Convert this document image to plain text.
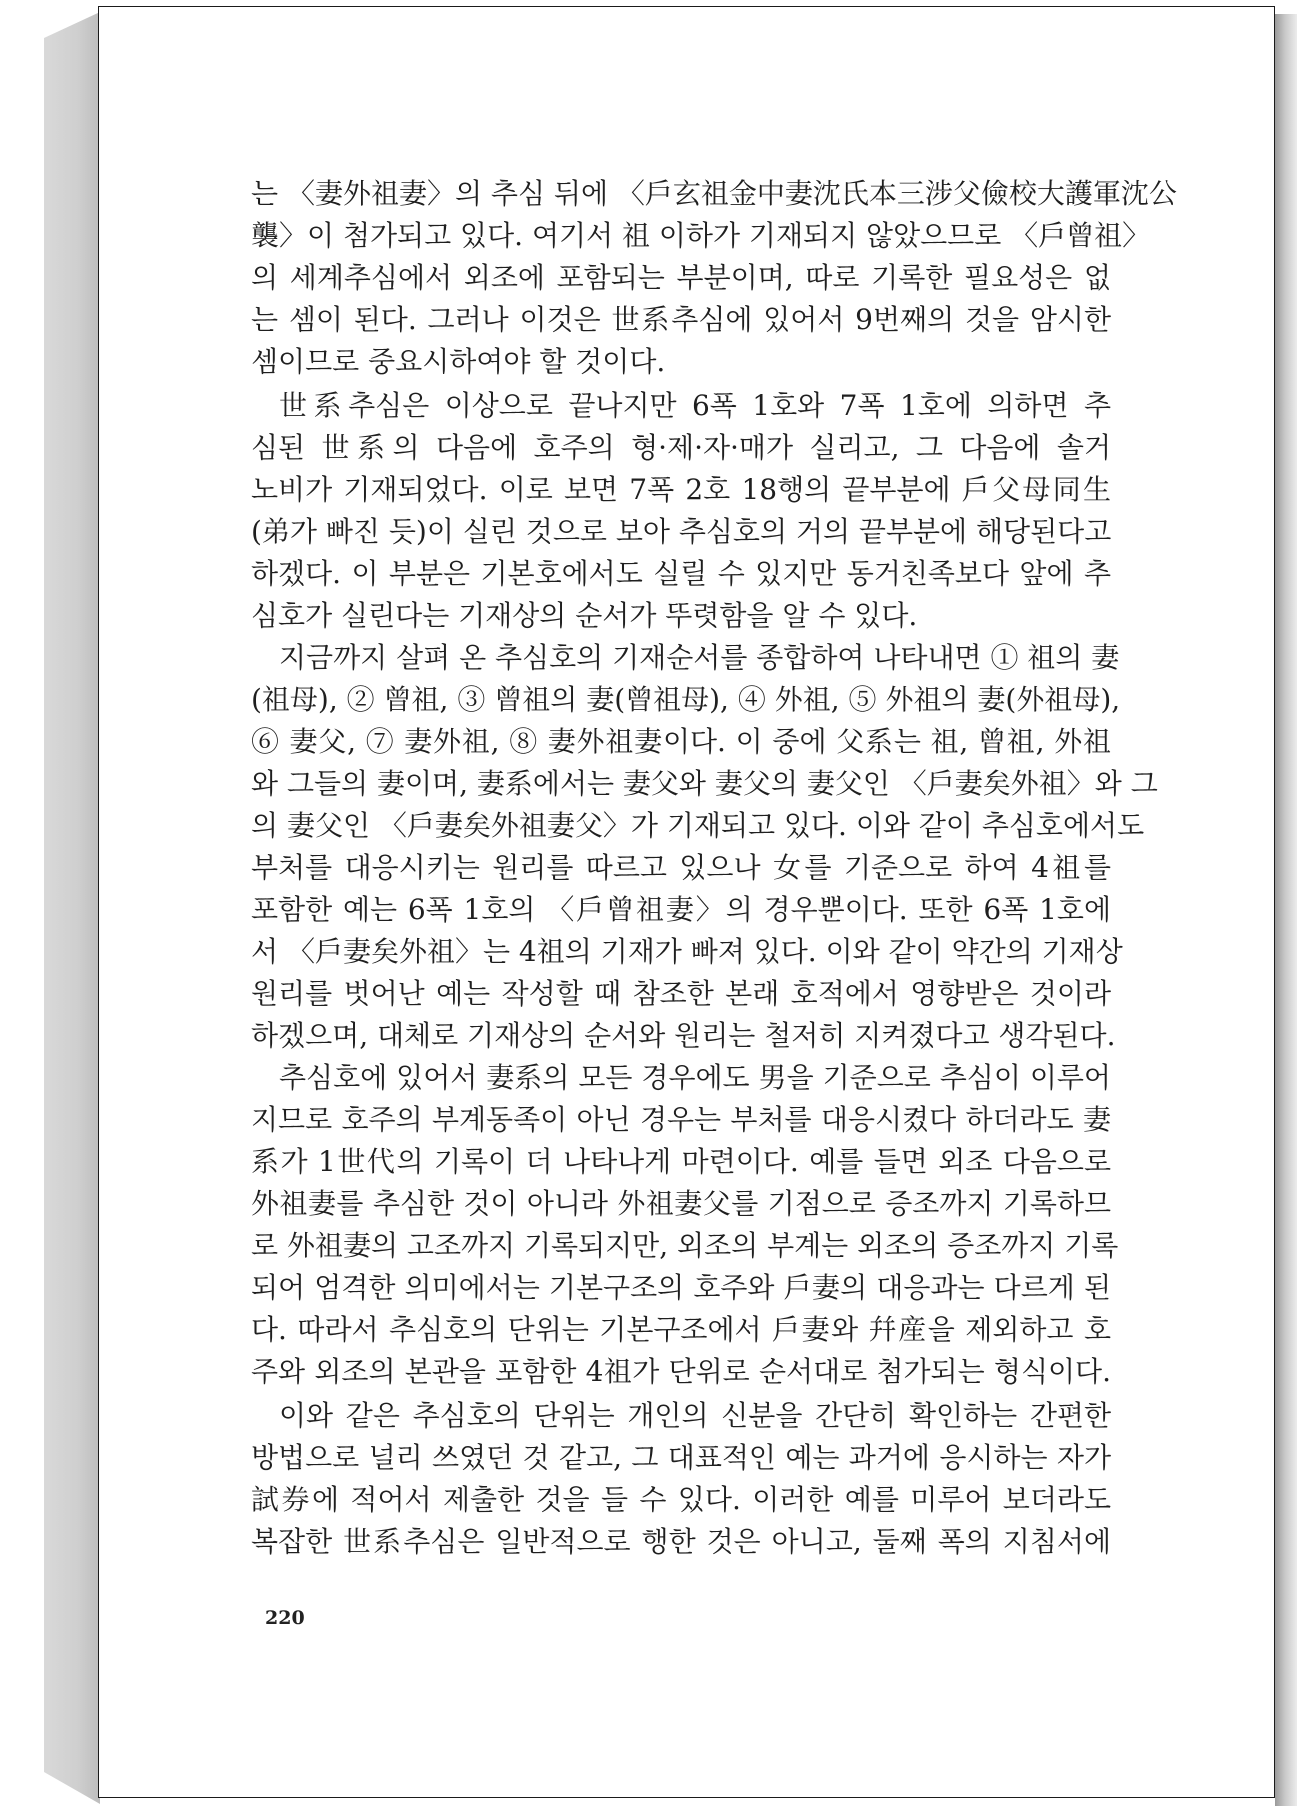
는 〈妻外祖妻〉의 추심 뒤에 〈戶玄祖金中妻沈氏本三涉父儉校大護軍沈公
襲〉이 첨가되고 있다. 여기서 祖 이하가 기재되지 않았으므로 〈戶曾祖〉
의 세계추심에서 외조에 포함되는 부분이며, 따로 기록한 필요성은 없
는 셈이 된다. 그러나 이것은 世系추심에 있어서 9번째의 것을 암시한
셈이므로 중요시하여야 할 것이다.
世系추심은 이상으로 끝나지만 6폭 1호와 7폭 1호에 의하면 추
심된 世系의 다음에 호주의 형·제·자·매가 실리고, 그 다음에 솔거
노비가 기재되었다. 이로 보면 7폭 2호 18행의 끝부분에 戶父母同生
(弟가 빠진 듯)이 실린 것으로 보아 추심호의 거의 끝부분에 해당된다고
하겠다. 이 부분은 기본호에서도 실릴 수 있지만 동거친족보다 앞에 추
심호가 실린다는 기재상의 순서가 뚜렷함을 알 수 있다.
지금까지 살펴 온 추심호의 기재순서를 종합하여 나타내면 ① 祖의 妻
(祖母), ② 曾祖, ③ 曾祖의 妻(曾祖母), ④ 外祖, ⑤ 外祖의 妻(外祖母),
⑥ 妻父, ⑦ 妻外祖, ⑧ 妻外祖妻이다. 이 중에 父系는 祖, 曾祖, 外祖
와 그들의 妻이며, 妻系에서는 妻父와 妻父의 妻父인 〈戶妻矣外祖〉와 그
의 妻父인 〈戶妻矣外祖妻父〉가 기재되고 있다. 이와 같이 추심호에서도
부처를 대응시키는 원리를 따르고 있으나 女를 기준으로 하여 4祖를
포함한 예는 6폭 1호의 〈戶曾祖妻〉의 경우뿐이다. 또한 6폭 1호에
서 〈戶妻矣外祖〉는 4祖의 기재가 빠져 있다. 이와 같이 약간의 기재상
원리를 벗어난 예는 작성할 때 참조한 본래 호적에서 영향받은 것이라
하겠으며, 대체로 기재상의 순서와 원리는 철저히 지켜졌다고 생각된다.
추심호에 있어서 妻系의 모든 경우에도 男을 기준으로 추심이 이루어
지므로 호주의 부계동족이 아닌 경우는 부처를 대응시켰다 하더라도 妻
系가 1世代의 기록이 더 나타나게 마련이다. 예를 들면 외조 다음으로
外祖妻를 추심한 것이 아니라 外祖妻父를 기점으로 증조까지 기록하므
로 外祖妻의 고조까지 기록되지만, 외조의 부계는 외조의 증조까지 기록
되어 엄격한 의미에서는 기본구조의 호주와 戶妻의 대응과는 다르게 된
다. 따라서 추심호의 단위는 기본구조에서 戶妻와 幷産을 제외하고 호
주와 외조의 본관을 포함한 4祖가 단위로 순서대로 첨가되는 형식이다.
이와 같은 추심호의 단위는 개인의 신분을 간단히 확인하는 간편한
방법으로 널리 쓰였던 것 같고, 그 대표적인 예는 과거에 응시하는 자가
試券에 적어서 제출한 것을 들 수 있다. 이러한 예를 미루어 보더라도
복잡한 世系추심은 일반적으로 행한 것은 아니고, 둘째 폭의 지침서에
220
